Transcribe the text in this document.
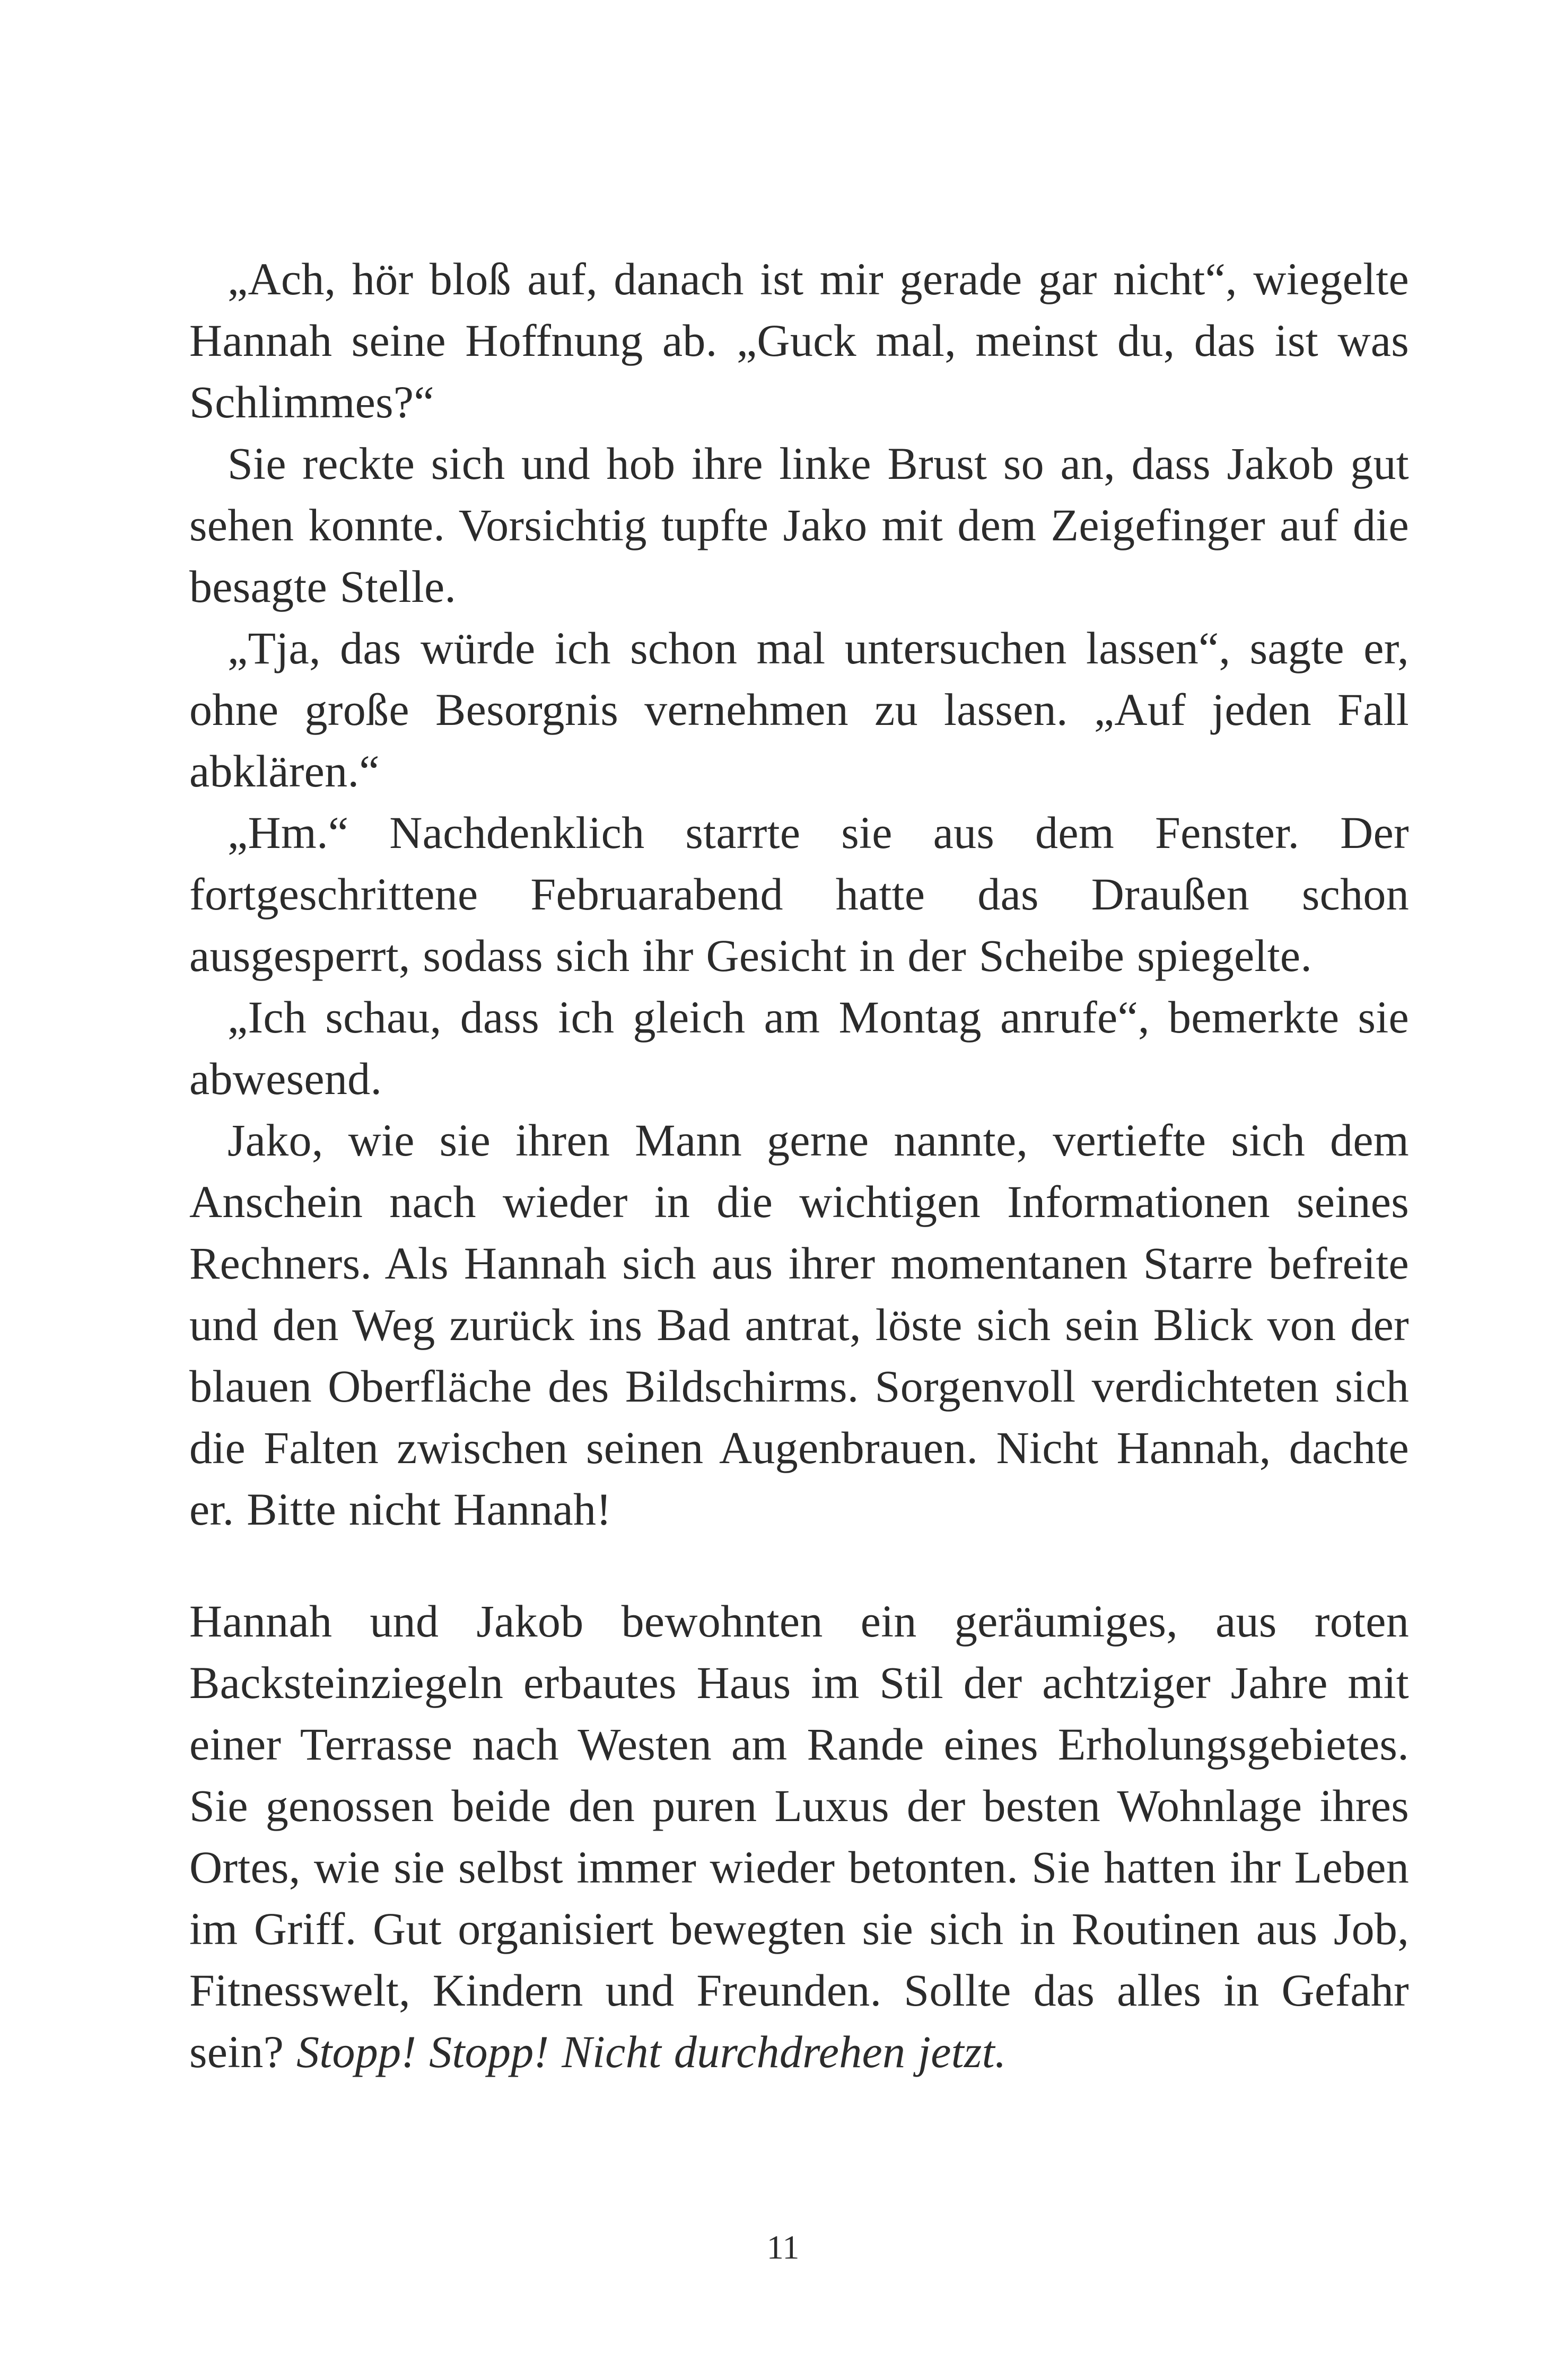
„Ach, hör bloß auf, danach ist mir gerade gar nicht“, wiegelte Hannah seine Hoffnung ab. „Guck mal, meinst du, das ist was Schlimmes?“

Sie reckte sich und hob ihre linke Brust so an, dass Jakob gut sehen konnte. Vorsichtig tupfte Jako mit dem Zeigefinger auf die besagte Stelle.

„Tja, das würde ich schon mal untersuchen lassen“, sagte er, ohne große Besorgnis vernehmen zu lassen. „Auf jeden Fall abklären.“

„Hm.“ Nachdenklich starrte sie aus dem Fenster. Der fortgeschrittene Februarabend hatte das Draußen schon ausgesperrt, sodass sich ihr Gesicht in der Scheibe spiegelte.

„Ich schau, dass ich gleich am Montag anrufe“, bemerkte sie abwesend.

Jako, wie sie ihren Mann gerne nannte, vertiefte sich dem Anschein nach wieder in die wichtigen Informationen seines Rechners. Als Hannah sich aus ihrer momentanen Starre befreite und den Weg zurück ins Bad antrat, löste sich sein Blick von der blauen Oberfläche des Bildschirms. Sorgenvoll verdichteten sich die Falten zwischen seinen Augenbrauen. Nicht Hannah, dachte er. Bitte nicht Hannah!

Hannah und Jakob bewohnten ein geräumiges, aus roten Backsteinziegeln erbautes Haus im Stil der achtziger Jahre mit einer Terrasse nach Westen am Rande eines Erholungsgebietes. Sie genossen beide den puren Luxus der besten Wohnlage ihres Ortes, wie sie selbst immer wieder betonten. Sie hatten ihr Leben im Griff. Gut organisiert bewegten sie sich in Routinen aus Job, Fitnesswelt, Kindern und Freunden. Sollte das alles in Gefahr sein? Stopp! Stopp! Nicht durchdrehen jetzt.

11
